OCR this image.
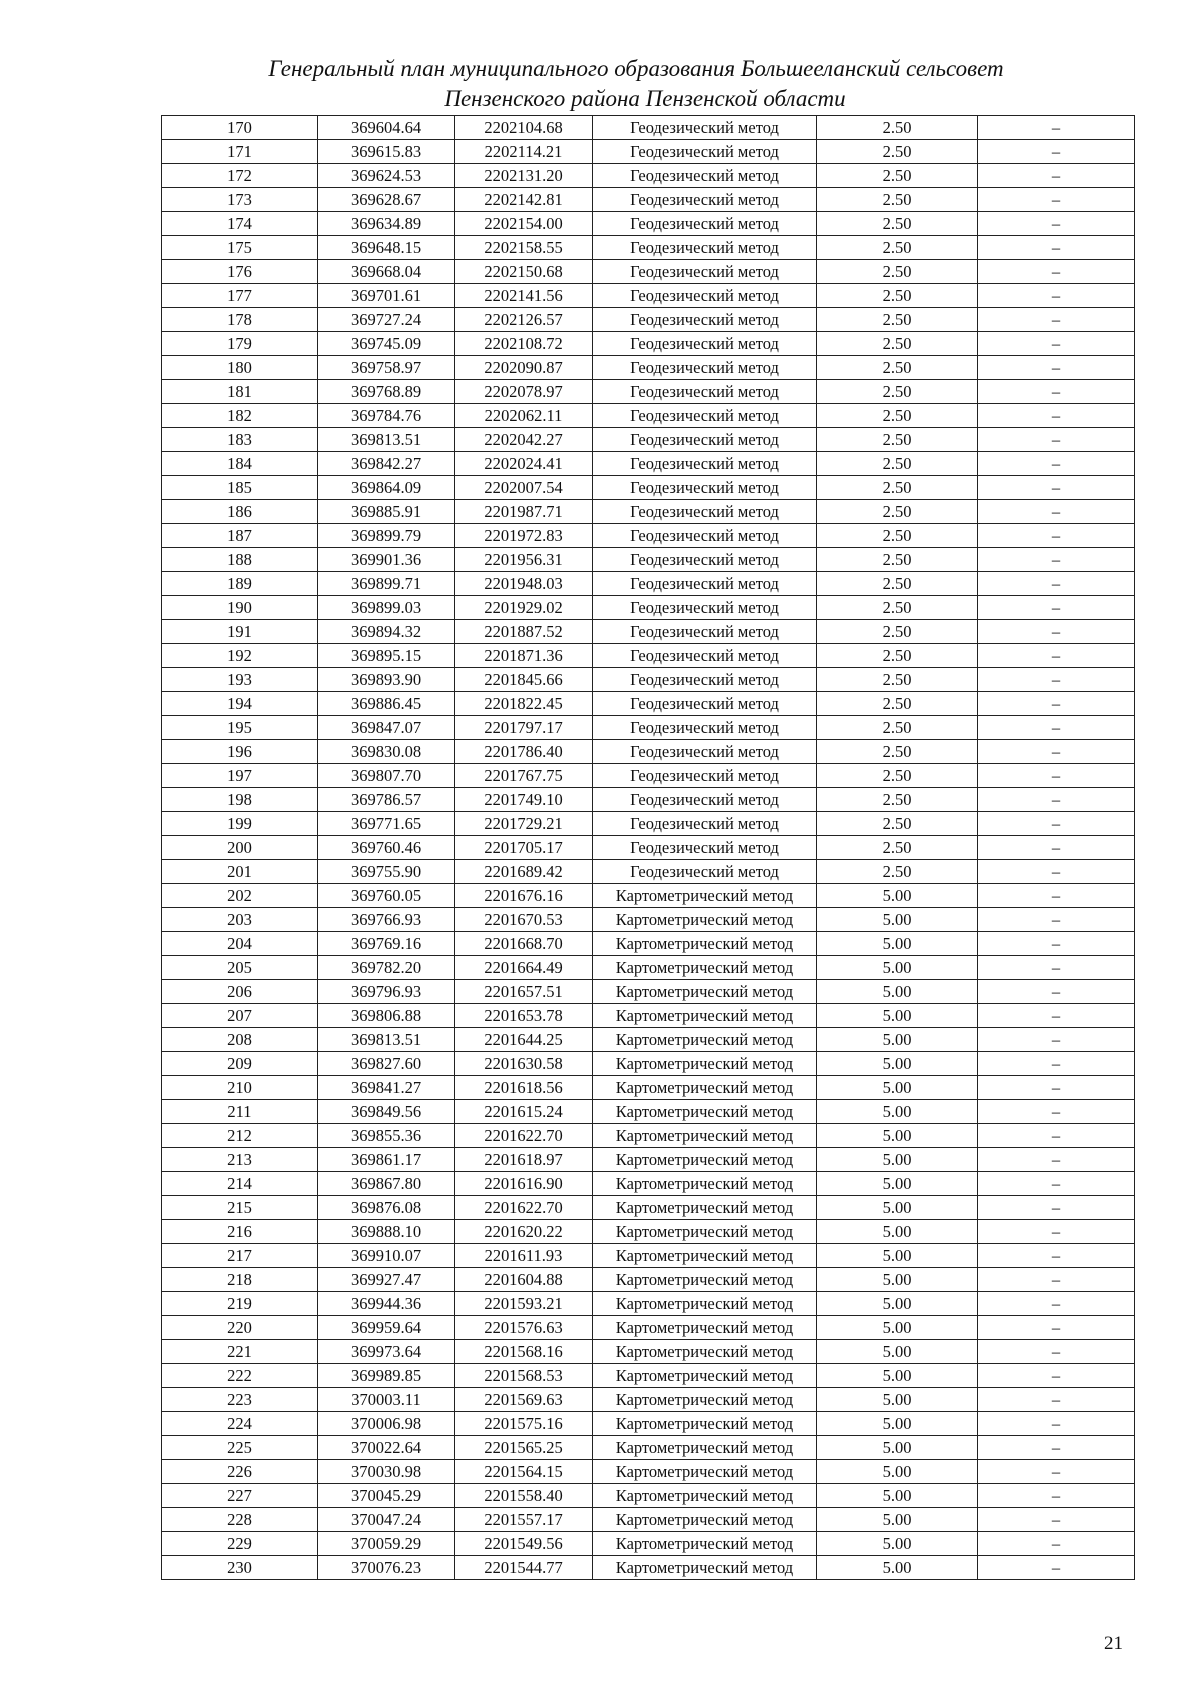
Генеральный план муниципального образования Большееланский сельсовет
Пензенского района Пензенской области
170	369604.64	2202104.68	Геодезический метод	2.50	–
171	369615.83	2202114.21	Геодезический метод	2.50	–
172	369624.53	2202131.20	Геодезический метод	2.50	–
173	369628.67	2202142.81	Геодезический метод	2.50	–
174	369634.89	2202154.00	Геодезический метод	2.50	–
175	369648.15	2202158.55	Геодезический метод	2.50	–
176	369668.04	2202150.68	Геодезический метод	2.50	–
177	369701.61	2202141.56	Геодезический метод	2.50	–
178	369727.24	2202126.57	Геодезический метод	2.50	–
179	369745.09	2202108.72	Геодезический метод	2.50	–
180	369758.97	2202090.87	Геодезический метод	2.50	–
181	369768.89	2202078.97	Геодезический метод	2.50	–
182	369784.76	2202062.11	Геодезический метод	2.50	–
183	369813.51	2202042.27	Геодезический метод	2.50	–
184	369842.27	2202024.41	Геодезический метод	2.50	–
185	369864.09	2202007.54	Геодезический метод	2.50	–
186	369885.91	2201987.71	Геодезический метод	2.50	–
187	369899.79	2201972.83	Геодезический метод	2.50	–
188	369901.36	2201956.31	Геодезический метод	2.50	–
189	369899.71	2201948.03	Геодезический метод	2.50	–
190	369899.03	2201929.02	Геодезический метод	2.50	–
191	369894.32	2201887.52	Геодезический метод	2.50	–
192	369895.15	2201871.36	Геодезический метод	2.50	–
193	369893.90	2201845.66	Геодезический метод	2.50	–
194	369886.45	2201822.45	Геодезический метод	2.50	–
195	369847.07	2201797.17	Геодезический метод	2.50	–
196	369830.08	2201786.40	Геодезический метод	2.50	–
197	369807.70	2201767.75	Геодезический метод	2.50	–
198	369786.57	2201749.10	Геодезический метод	2.50	–
199	369771.65	2201729.21	Геодезический метод	2.50	–
200	369760.46	2201705.17	Геодезический метод	2.50	–
201	369755.90	2201689.42	Геодезический метод	2.50	–
202	369760.05	2201676.16	Картометрический метод	5.00	–
203	369766.93	2201670.53	Картометрический метод	5.00	–
204	369769.16	2201668.70	Картометрический метод	5.00	–
205	369782.20	2201664.49	Картометрический метод	5.00	–
206	369796.93	2201657.51	Картометрический метод	5.00	–
207	369806.88	2201653.78	Картометрический метод	5.00	–
208	369813.51	2201644.25	Картометрический метод	5.00	–
209	369827.60	2201630.58	Картометрический метод	5.00	–
210	369841.27	2201618.56	Картометрический метод	5.00	–
211	369849.56	2201615.24	Картометрический метод	5.00	–
212	369855.36	2201622.70	Картометрический метод	5.00	–
213	369861.17	2201618.97	Картометрический метод	5.00	–
214	369867.80	2201616.90	Картометрический метод	5.00	–
215	369876.08	2201622.70	Картометрический метод	5.00	–
216	369888.10	2201620.22	Картометрический метод	5.00	–
217	369910.07	2201611.93	Картометрический метод	5.00	–
218	369927.47	2201604.88	Картометрический метод	5.00	–
219	369944.36	2201593.21	Картометрический метод	5.00	–
220	369959.64	2201576.63	Картометрический метод	5.00	–
221	369973.64	2201568.16	Картометрический метод	5.00	–
222	369989.85	2201568.53	Картометрический метод	5.00	–
223	370003.11	2201569.63	Картометрический метод	5.00	–
224	370006.98	2201575.16	Картометрический метод	5.00	–
225	370022.64	2201565.25	Картометрический метод	5.00	–
226	370030.98	2201564.15	Картометрический метод	5.00	–
227	370045.29	2201558.40	Картометрический метод	5.00	–
228	370047.24	2201557.17	Картометрический метод	5.00	–
229	370059.29	2201549.56	Картометрический метод	5.00	–
230	370076.23	2201544.77	Картометрический метод	5.00	–
21
